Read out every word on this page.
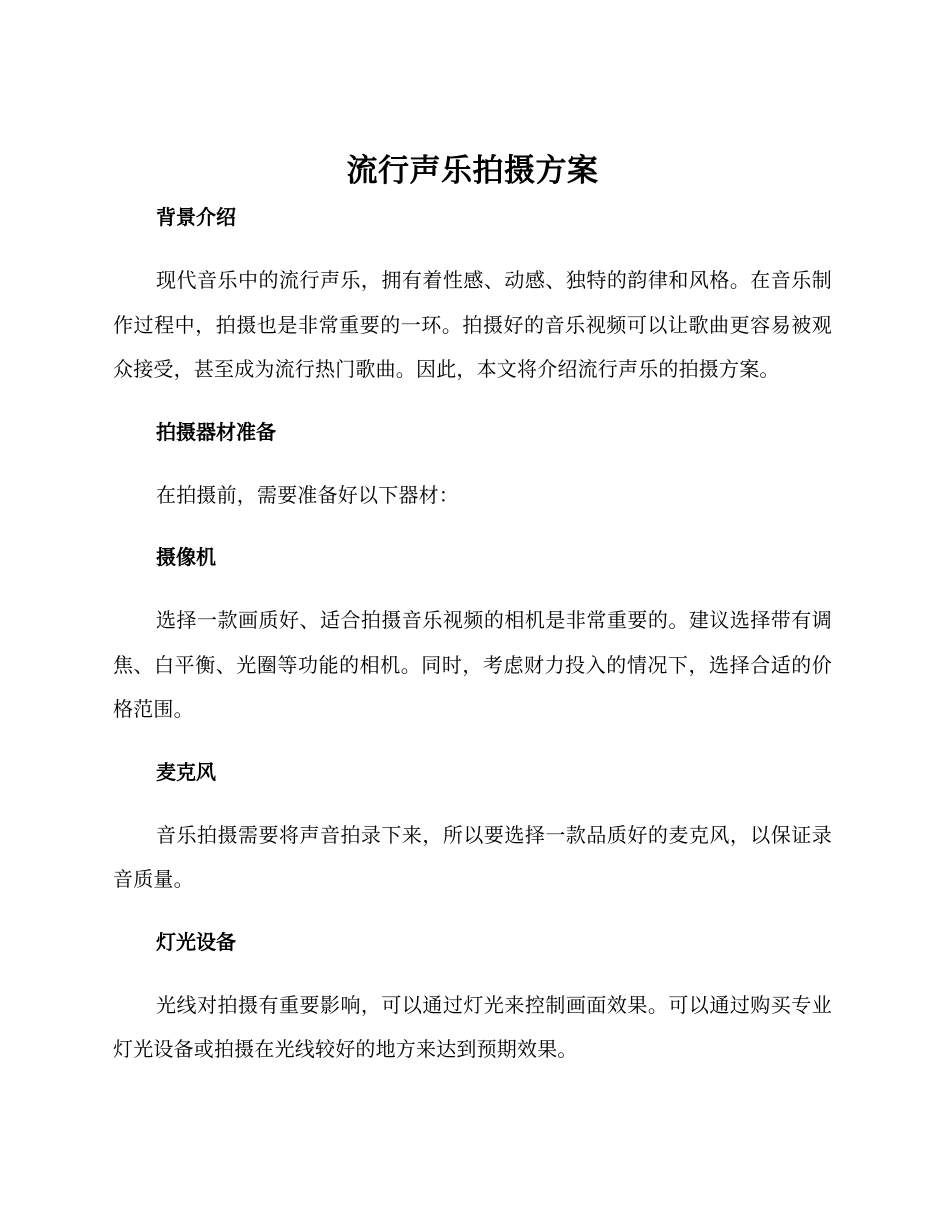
流行声乐拍摄方案
背景介绍

现代音乐中的流行声乐，拥有着性感、动感、独特的韵律和风格。在音乐制作过程中，拍摄也是非常重要的一环。拍摄好的音乐视频可以让歌曲更容易被观众接受，甚至成为流行热门歌曲。因此，本文将介绍流行声乐的拍摄方案。

拍摄器材准备

在拍摄前，需要准备好以下器材：

摄像机

选择一款画质好、适合拍摄音乐视频的相机是非常重要的。建议选择带有调焦、白平衡、光圈等功能的相机。同时，考虑财力投入的情况下，选择合适的价格范围。

麦克风

音乐拍摄需要将声音拍录下来，所以要选择一款品质好的麦克风，以保证录音质量。

灯光设备

光线对拍摄有重要影响，可以通过灯光来控制画面效果。可以通过购买专业灯光设备或拍摄在光线较好的地方来达到预期效果。
